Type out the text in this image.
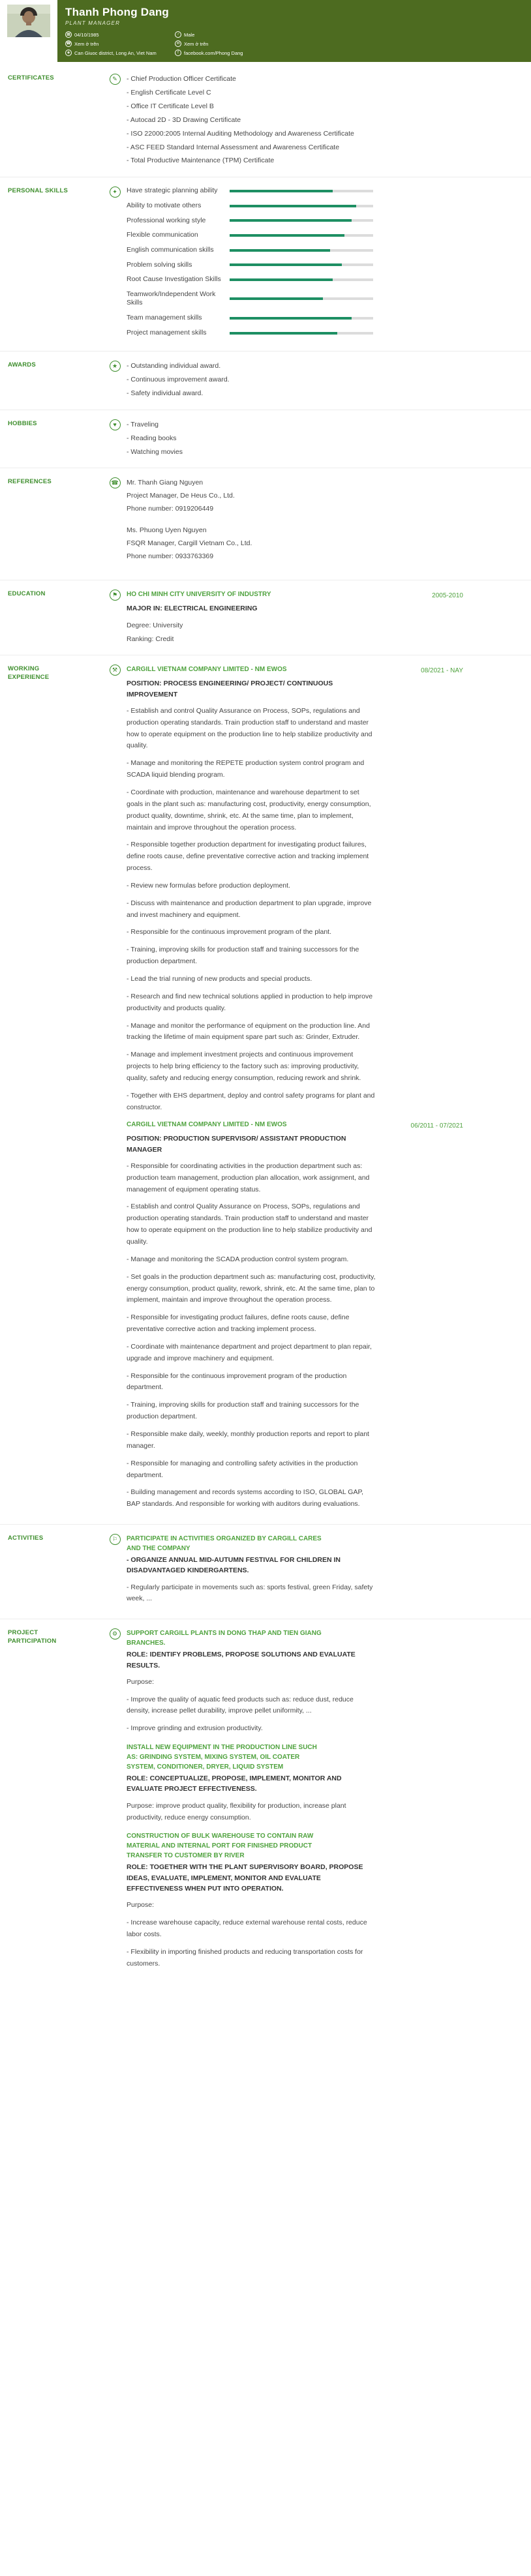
Thanh Phong Dang
PLANT MANAGER
▦ 04/10/1985	♂ Male
☎ Xem ở trên	✉ Xem ở trên
◈ Can Giuoc district, Long An, Viet Nam	f	facebook.com/Phong Dang
CERTIFICATES	✎	- Chief Production Officer Certificate

- English Certificate Level C

- Office IT Certificate Level B

- Autocad 2D - 3D Drawing Certificate

- ISO 22000:2005 Internal Auditing Methodology and Awareness Certificate

- ASC FEED Standard Internal Assessment and Awareness Certificate

- Total Productive Maintenance (TPM) Certificate

PERSONAL SKILLS	✦	Have strategic planning ability
Ability to motivate others
Professional working style
Flexible communication
English communication skills
Problem solving skills
Root Cause Investigation Skills
Teamwork/Independent Work Skills
Team management skills
Project management skills
AWARDS	★	- Outstanding individual award.

- Continuous improvement award.

- Safety individual award.

HOBBIES	♥	- Traveling

- Reading books

- Watching movies

REFERENCES	☎ Mr. Thanh Giang Nguyen

Project Manager, De Heus Co., Ltd.

Phone number: 0919206449

Ms. Phuong Uyen Nguyen

FSQR Manager, Cargill Vietnam Co., Ltd.

Phone number: 0933763369

EDUCATION	⚑	HO CHI MINH CITY UNIVERSITY OF INDUSTRY	2005-2010

MAJOR IN: ELECTRICAL ENGINEERING

Degree: University

Ranking: Credit

WORKING EXPERIENCE
⚒	CARGILL VIETNAM COMPANY LIMITED - NM EWOS	08/2021 - NAY

POSITION: PROCESS ENGINEERING/ PROJECT/ CONTINUOUS IMPROVEMENT

- Establish and control Quality Assurance on Process, SOPs, regulations and production operating standards. Train production staff to understand and master how to operate equipment on the production line to help stabilize productivity and quality.

- Manage and monitoring the REPETE production system control program and SCADA liquid blending program.

- Coordinate with production, maintenance and warehouse department to set goals in the plant such as: manufacturing cost, productivity, energy consumption, product quality, downtime, shrink, etc. At the same time, plan to implement, maintain and improve throughout the operation process.

- Responsible together production department for investigating product failures, define roots cause, define preventative corrective action and tracking implement process.

- Review new formulas before production deployment.

- Discuss with maintenance and production department to plan upgrade, improve and invest machinery and equipment.

- Responsible for the continuous improvement program of the plant.

- Training, improving skills for production staff and training successors for the production department.

- Lead the trial running of new products and special products.

- Research and find new technical solutions applied in production to help improve productivity and products quality.

- Manage and monitor the performance of equipment on the production line. And tracking the lifetime of main equipment spare part such as: Grinder, Extruder.

- Manage and implement investment projects and continuous improvement projects to help bring efficiency to the factory such as: improving productivity, quality, safety and reducing energy consumption, reducing rework and shrink.

- Together with EHS department, deploy and control safety programs for plant and constructor.

CARGILL VIETNAM COMPANY LIMITED - NM EWOS	06/2011 - 07/2021

POSITION: PRODUCTION SUPERVISOR/ ASSISTANT PRODUCTION MANAGER

- Responsible for coordinating activities in the production department such as: production team management, production plan allocation, work assignment, and management of equipment operating status.

- Establish and control Quality Assurance on Process, SOPs, regulations and production operating standards. Train production staff to understand and master how to operate equipment on the production line to help stabilize productivity and quality.

- Manage and monitoring the SCADA production control system program.

- Set goals in the production department such as: manufacturing cost, productivity, energy consumption, product quality, rework, shrink, etc. At the same time, plan to implement, maintain and improve throughout the operation process.

- Responsible for investigating product failures, define roots cause, define preventative corrective action and tracking implement process.

- Coordinate with maintenance department and project department to plan repair, upgrade and improve machinery and equipment.

- Responsible for the continuous improvement program of the production department.

- Training, improving skills for production staff and training successors for the production department.

- Responsible make daily, weekly, monthly production reports and report to plant manager.

- Responsible for managing and controlling safety activities in the production department.

- Building management and records systems according to ISO, GLOBAL GAP, BAP standards. And responsible for working with auditors during evaluations.

ACTIVITIES	⚐	PARTICIPATE IN ACTIVITIES ORGANIZED BY CARGILL CARES AND THE COMPANY

- ORGANIZE ANNUAL MID-AUTUMN FESTIVAL FOR CHILDREN IN DISADVANTAGED KINDERGARTENS.

- Regularly participate in movements such as: sports festival, green Friday, safety week, ...

PROJECT PARTICIPATION
⚙	SUPPORT CARGILL PLANTS IN DONG THAP AND TIEN GIANG BRANCHES.

ROLE: IDENTIFY PROBLEMS, PROPOSE SOLUTIONS AND EVALUATE RESULTS.

Purpose:

- Improve the quality of aquatic feed products such as: reduce dust, reduce density, increase pellet durability, improve pellet uniformity, ...

- Improve grinding and extrusion productivity.

INSTALL NEW EQUIPMENT IN THE PRODUCTION LINE SUCH AS: GRINDING SYSTEM, MIXING SYSTEM, OIL COATER SYSTEM, CONDITIONER, DRYER, LIQUID SYSTEM

ROLE: CONCEPTUALIZE, PROPOSE, IMPLEMENT, MONITOR AND EVALUATE PROJECT EFFECTIVENESS.

Purpose: improve product quality, flexibility for production, increase plant productivity, reduce energy consumption.

CONSTRUCTION OF BULK WAREHOUSE TO CONTAIN RAW MATERIAL AND INTERNAL PORT FOR FINISHED PRODUCT TRANSFER TO CUSTOMER BY RIVER

ROLE: TOGETHER WITH THE PLANT SUPERVISORY BOARD, PROPOSE IDEAS, EVALUATE, IMPLEMENT, MONITOR AND EVALUATE EFFECTIVENESS WHEN PUT INTO OPERATION.

Purpose:

- Increase warehouse capacity, reduce external warehouse rental costs, reduce labor costs.

- Flexibility in importing finished products and reducing transportation costs for customers.
